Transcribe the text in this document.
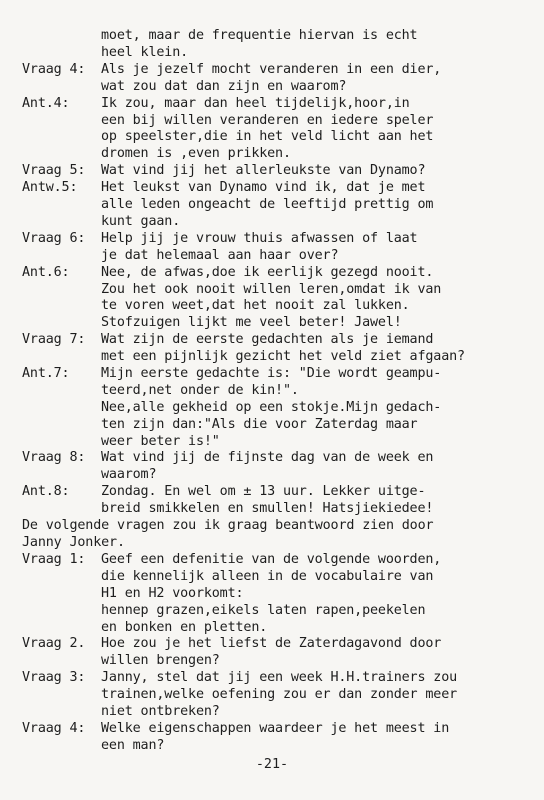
moet, maar de frequentie hiervan is echt
heel klein.
Vraag 4: Als je jezelf mocht veranderen in een dier,
wat zou dat dan zijn en waarom?
Ant.4: Ik zou, maar dan heel tijdelijk,hoor,in
een bij willen veranderen en iedere speler
op speelster,die in het veld licht aan het
dromen is ,even prikken.
Vraag 5: Wat vind jij het allerleukste van Dynamo?
Antw.5: Het leukst van Dynamo vind ik, dat je met
alle leden ongeacht de leeftijd prettig om
kunt gaan.
Vraag 6: Help jij je vrouw thuis afwassen of laat
je dat helemaal aan haar over?
Ant.6: Nee, de afwas,doe ik eerlijk gezegd nooit.
Zou het ook nooit willen leren,omdat ik van
te voren weet,dat het nooit zal lukken.
Stofzuigen lijkt me veel beter! Jawel!
Vraag 7: Wat zijn de eerste gedachten als je iemand
met een pijnlijk gezicht het veld ziet afgaan?
Ant.7: Mijn eerste gedachte is: "Die wordt geampu-
teerd,net onder de kin!".
Nee,alle gekheid op een stokje.Mijn gedach-
ten zijn dan:"Als die voor Zaterdag maar
weer beter is!"
Vraag 8: Wat vind jij de fijnste dag van de week en
waarom?
Ant.8: Zondag. En wel om ± 13 uur. Lekker uitge-
breid smikkelen en smullen! Hatsjiekiedee!
De volgende vragen zou ik graag beantwoord zien door
Janny Jonker.
Vraag 1: Geef een defenitie van de volgende woorden,
die kennelijk alleen in de vocabulaire van
H1 en H2 voorkomt:
hennep grazen,eikels laten rapen,peekelen
en bonken en pletten.
Vraag 2. Hoe zou je het liefst de Zaterdagavond door
willen brengen?
Vraag 3: Janny, stel dat jij een week H.H.trainers zou
trainen,welke oefening zou er dan zonder meer
niet ontbreken?
Vraag 4: Welke eigenschappen waardeer je het meest in
een man?
-21-
